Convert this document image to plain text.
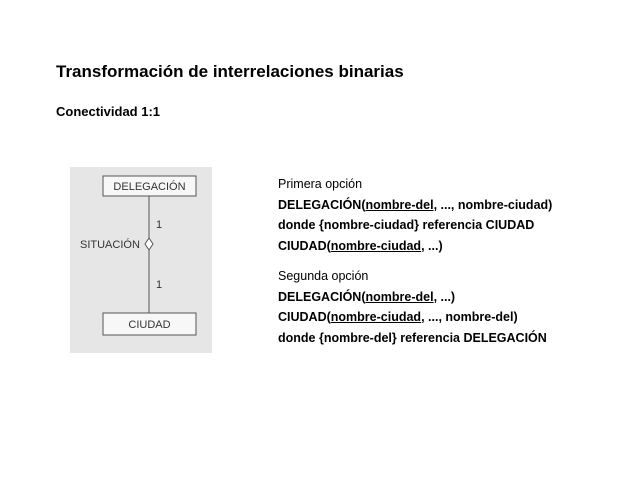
Transformación de interrelaciones binarias
Conectividad 1:1
DELEGACIÓN
SITUACIÓN
1
1
CIUDAD
Primera opción
DELEGACIÓN(nombre-del, ..., nombre-ciudad)
donde {nombre-ciudad} referencia CIUDAD
CIUDAD(nombre-ciudad, ...)
Segunda opción
DELEGACIÓN(nombre-del, ...)
CIUDAD(nombre-ciudad, ..., nombre-del)
donde {nombre-del} referencia DELEGACIÓN
